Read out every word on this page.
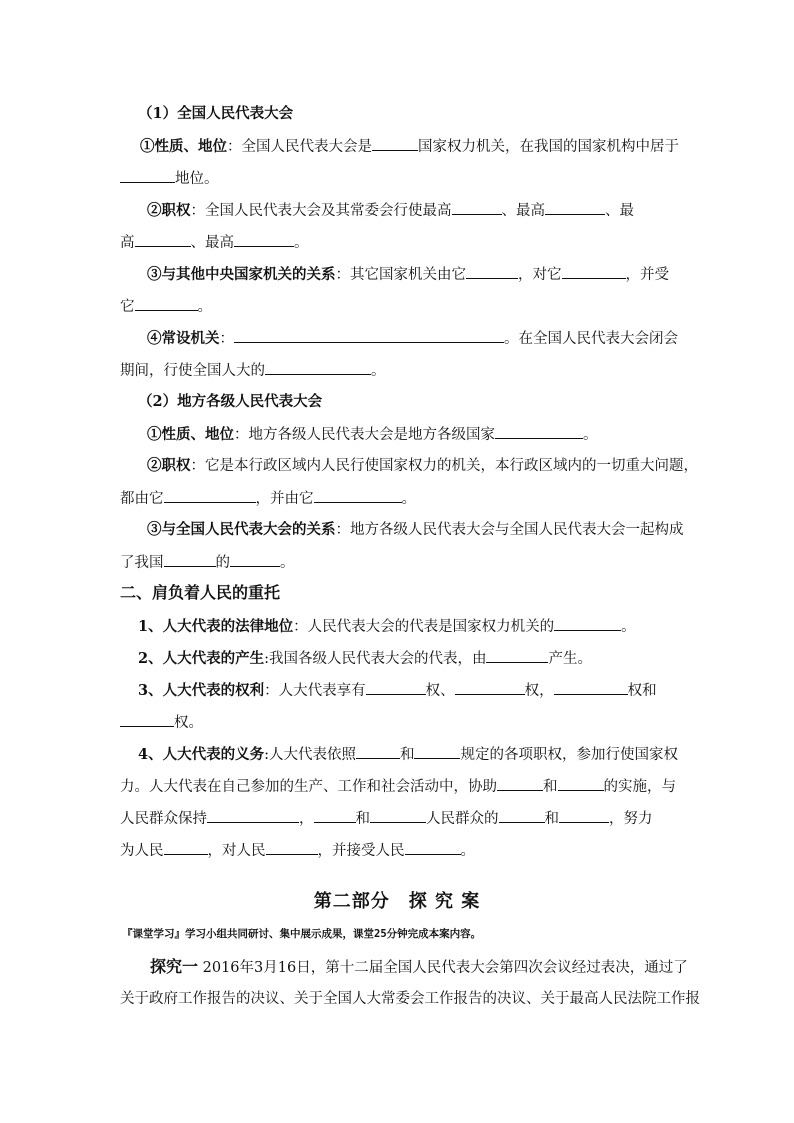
（1）全国人民代表大会
①性质、地位：全国人民代表大会是	国家权力机关，在我国的国家机构中居于
地位。
②职权：全国人民代表大会及其常委会行使最高	、最高	、最
高	、最高	。
③与其他中央国家机关的关系：其它国家机关由它	，对它	，并受
它	。
④常设机关：	。在全国人民代表大会闭会
期间，行使全国人大的	。
（2）地方各级人民代表大会
①性质、地位：地方各级人民代表大会是地方各级国家	。
②职权：它是本行政区域内人民行使国家权力的机关，本行政区域内的一切重大问题，
都由它	，并由它	。
③与全国人民代表大会的关系：地方各级人民代表大会与全国人民代表大会一起构成
了我国	的	。
二、肩负着人民的重托
1、人大代表的法律地位：人民代表大会的代表是国家权力机关的	。
2、人大代表的产生:我国各级人民代表大会的代表，由	产生。
3、人大代表的权利：人大代表享有	权、	权，	权和
权。
4、人大代表的义务:人大代表依照	和	规定的各项职权，参加行使国家权
力。人大代表在自己参加的生产、工作和社会活动中，协助	和	的实施，与
人民群众保持	，	和	人民群众的	和	，努力
为人民	，对人民	，并接受人民	。
第二部分　探 究 案
『课堂学习』学习小组共同研讨、集中展示成果，课堂25分钟完成本案内容。
探究一 2016年3月16日，第十二届全国人民代表大会第四次会议经过表决，通过了
关于政府工作报告的决议、关于全国人大常委会工作报告的决议、关于最高人民法院工作报
